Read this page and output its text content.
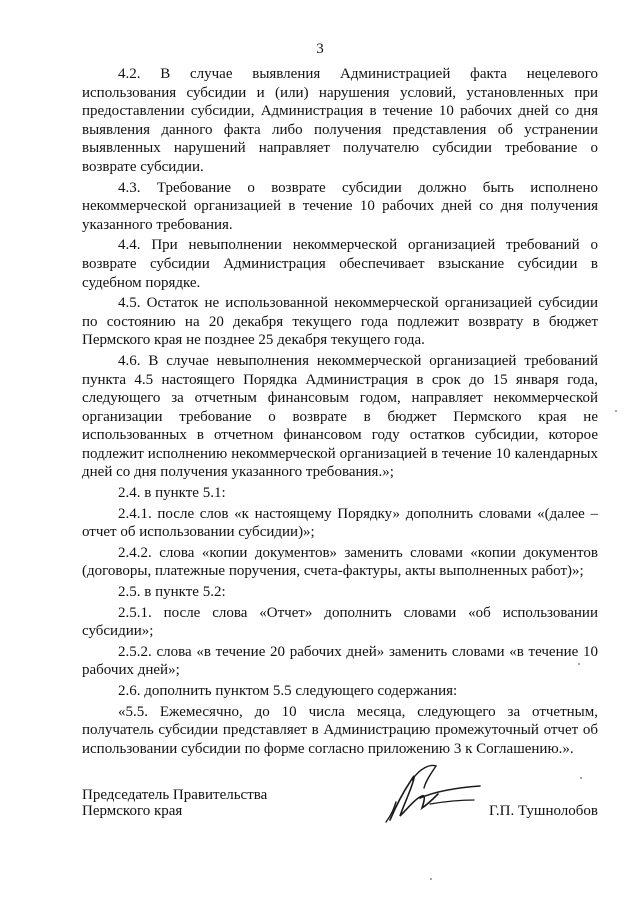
3

4.2. В случае выявления Администрацией факта нецелевого использования субсидии и (или) нарушения условий, установленных при предоставлении субсидии, Администрация в течение 10 рабочих дней со дня выявления данного факта либо получения представления об устранении выявленных нарушений направляет получателю субсидии требование о возврате субсидии.

4.3. Требование о возврате субсидии должно быть исполнено некоммерческой организацией в течение 10 рабочих дней со дня получения указанного требования.

4.4. При невыполнении некоммерческой организацией требований о возврате субсидии Администрация обеспечивает взыскание субсидии в судебном порядке.

4.5. Остаток не использованной некоммерческой организацией субсидии по состоянию на 20 декабря текущего года подлежит возврату в бюджет Пермского края не позднее 25 декабря текущего года.

4.6. В случае невыполнения некоммерческой организацией требований пункта 4.5 настоящего Порядка Администрация в срок до 15 января года, следующего за отчетным финансовым годом, направляет некоммерческой организации требование о возврате в бюджет Пермского края не использованных в отчетном финансовом году остатков субсидии, которое подлежит исполнению некоммерческой организацией в течение 10 календарных дней со дня получения указанного требования.»;

2.4. в пункте 5.1:

2.4.1. после слов «к настоящему Порядку» дополнить словами «(далее – отчет об использовании субсидии)»;

2.4.2. слова «копии документов» заменить словами «копии документов (договоры, платежные поручения, счета-фактуры, акты выполненных работ)»;

2.5. в пункте 5.2:

2.5.1. после слова «Отчет» дополнить словами «об использовании субсидии»;

2.5.2. слова «в течение 20 рабочих дней» заменить словами «в течение 10 рабочих дней»;

2.6. дополнить пунктом 5.5 следующего содержания:

«5.5. Ежемесячно, до 10 числа месяца, следующего за отчетным, получатель субсидии представляет в Администрацию промежуточный отчет об использовании субсидии по форме согласно приложению 3 к Соглашению.».

Председатель Правительства
Пермского края	Г.П. Тушнолобов
